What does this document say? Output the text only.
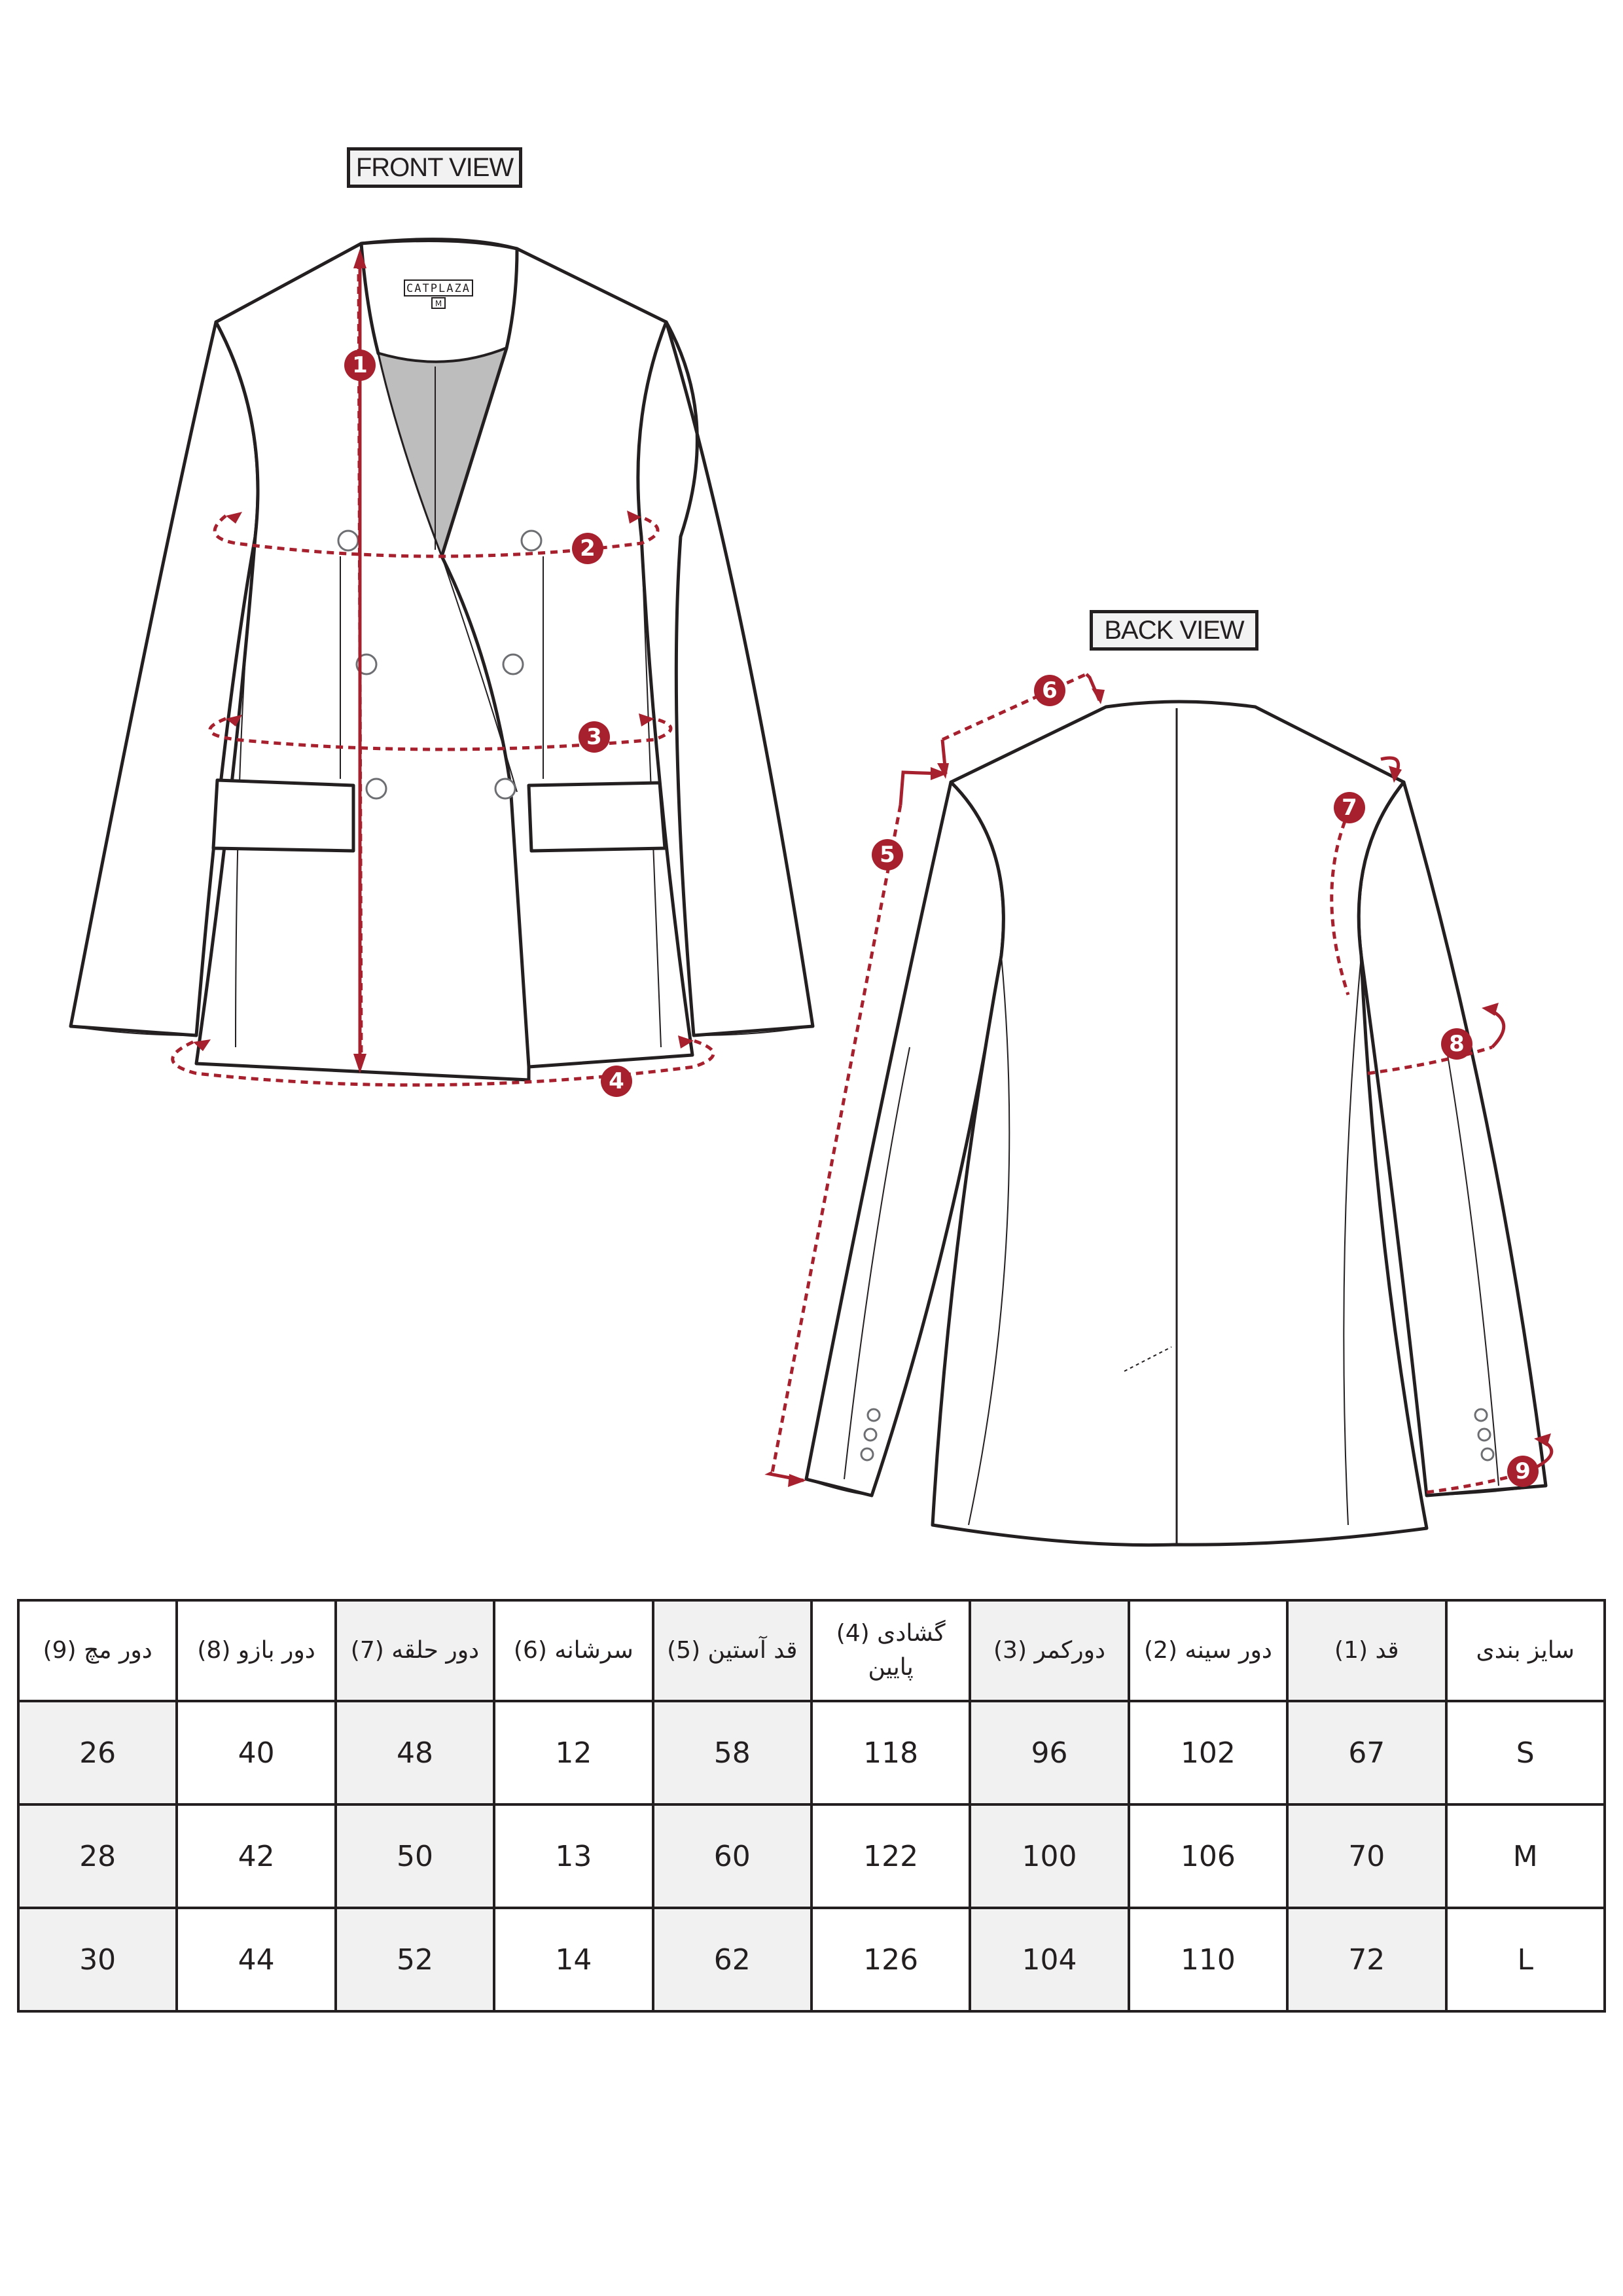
FRONT VIEW
BACK VIEW
CATPLAZA
M
1
2
3
4
5
6
7
8
9
دور مچ (9)	دور بازو (8)	دور حلقه (7)	سرشانه (6)	قد آستین (5)	گشادی (4) پایین	دورکمر (3)	دور سینه (2)	قد (1)	سایز بندی
26	40	48	12	58	118	96	102	67	S
28	42	50	13	60	122	100	106	70	M
30	44	52	14	62	126	104	110	72	L
